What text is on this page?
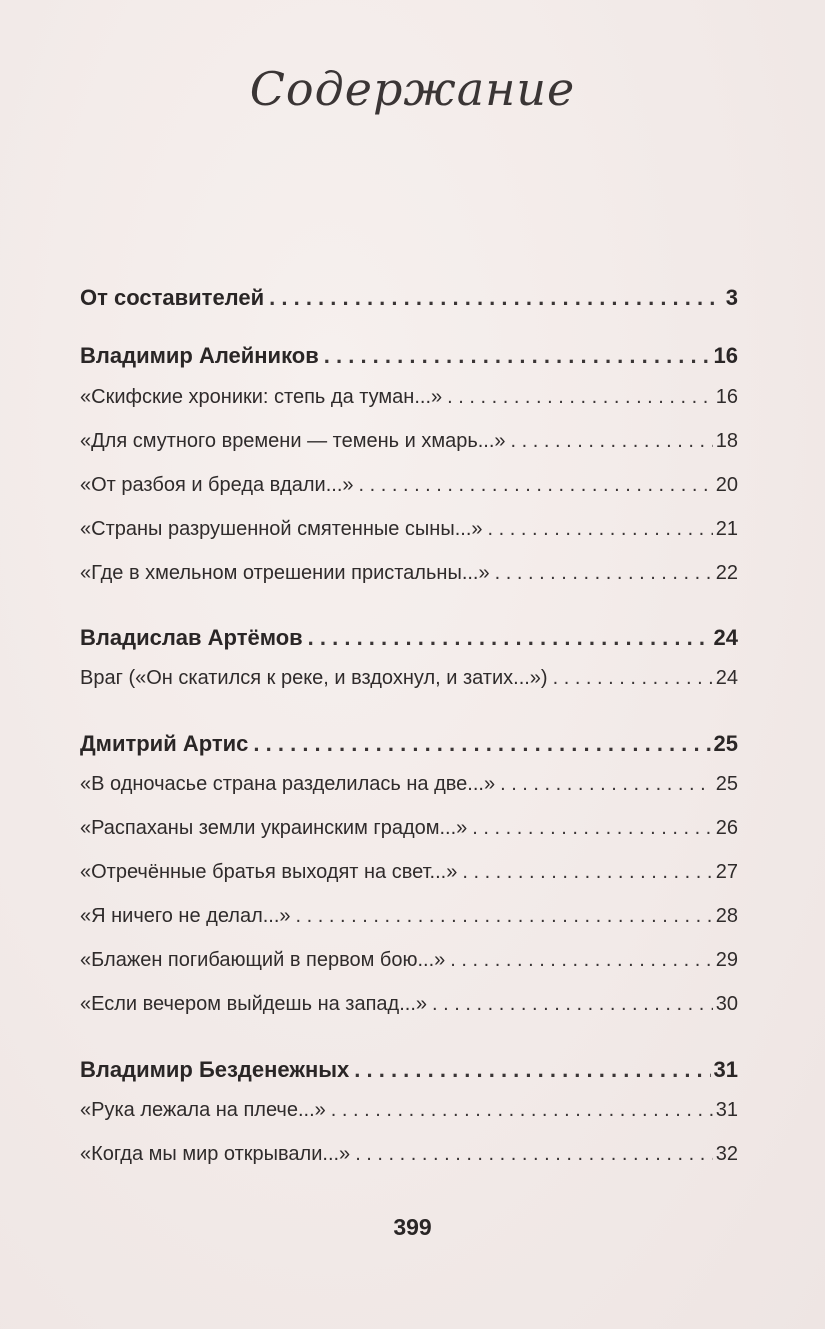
Содержание
От составителей . . .	3
Владимир Алейников . . .	16
«Скифские хроники: степь да туман...» . . .	16
«Для смутного времени — темень и хмарь...» . . .	18
«От разбоя и бреда вдали...» . . .	20
«Страны разрушенной смятенные сыны...» . . .	21
«Где в хмельном отрешении пристальны...» . . .	22
Владислав Артёмов . . .	24
Враг («Он скатился к реке, и вздохнул, и затих...») . . .	24
Дмитрий Артис . . .	25
«В одночасье страна разделилась на две...» . . .	25
«Распаханы земли украинским градом...» . . .	26
«Отречённые братья выходят на свет...» . . .	27
«Я ничего не делал...» . . .	28
«Блажен погибающий в первом бою...» . . .	29
«Если вечером выйдешь на запад...» . . .	30
Владимир Безденежных . . .	31
«Рука лежала на плече...» . . .	31
«Когда мы мир открывали...» . . .	32
399
